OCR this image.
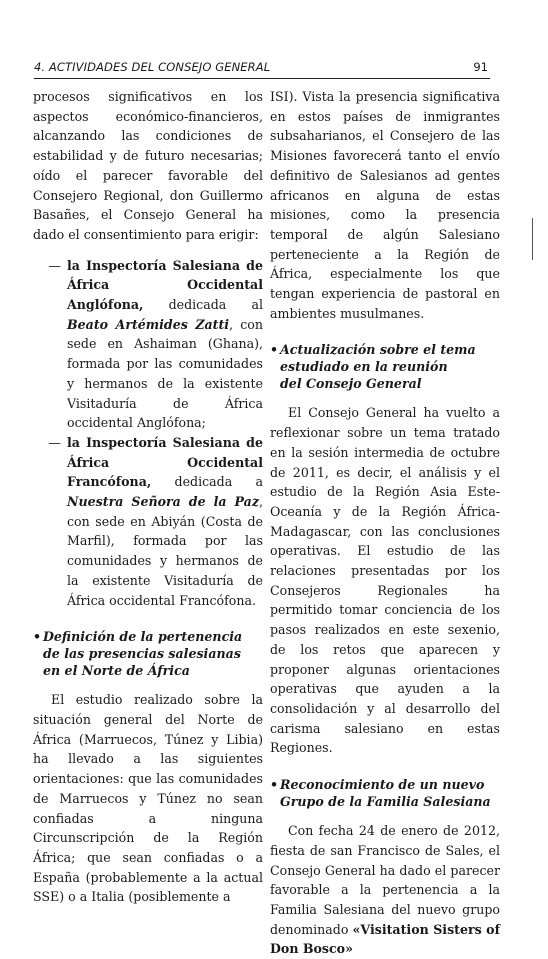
4. ACTIVIDADES DEL CONSEJO GENERAL	91

procesos significativos en los aspectos económico-financieros, alcanzando las condiciones de estabilidad y de futuro necesarias; oído el parecer favorable del Consejero Regional, don Guillermo Basañes, el Consejo General ha dado el consentimiento para erigir:

— la Inspectoría Salesiana de África Occidental Anglófona, dedicada al Beato Artémides Zatti, con sede en Ashaiman (Ghana), formada por las comunidades y hermanos de la existente Visitaduría de África occidental Anglófona;
— la Inspectoría Salesiana de África Occidental Francófona, dedicada a Nuestra Señora de la Paz, con sede en Abiyán (Costa de Marfil), formada por las comunidades y hermanos de la existente Visitaduría de África occidental Francófona.
• Definición de la pertenencia
de las presencias salesianas
en el Norte de África

El estudio realizado sobre la situación general del Norte de África (Marruecos, Túnez y Libia) ha llevado a las siguientes orientaciones: que las comunidades de Marruecos y Túnez no sean confiadas a ninguna Circunscripción de la Región África; que sean confiadas o a España (probablemente a la actual SSE) o a Italia (posiblemente a

ISI). Vista la presencia significativa en estos países de inmigrantes subsaharianos, el Consejero de las Misiones favorecerá tanto el envío definitivo de Salesianos ad gentes africanos en alguna de estas misiones, como la presencia temporal de algún Salesiano perteneciente a la Región de África, especialmente los que tengan experiencia de pastoral en ambientes musulmanes.

• Actualización sobre el tema
estudiado en la reunión
del Consejo General

El Consejo General ha vuelto a reflexionar sobre un tema tratado en la sesión intermedia de octubre de 2011, es decir, el análisis y el estudio de la Región Asia Este-Oceanía y de la Región África-Madagascar, con las conclusiones operativas. El estudio de las relaciones presentadas por los Consejeros Regionales ha permitido tomar conciencia de los pasos realizados en este sexenio, de los retos que aparecen y proponer algunas orientaciones operativas que ayuden a la consolidación y al desarrollo del carisma salesiano en estas Regiones.

• Reconocimiento de un nuevo
Grupo de la Familia Salesiana

Con fecha 24 de enero de 2012, fiesta de san Francisco de Sales, el Consejo General ha dado el parecer favorable a la pertenencia a la Familia Salesiana del nuevo grupo denominado «Visitation Sisters of Don Bosco»
